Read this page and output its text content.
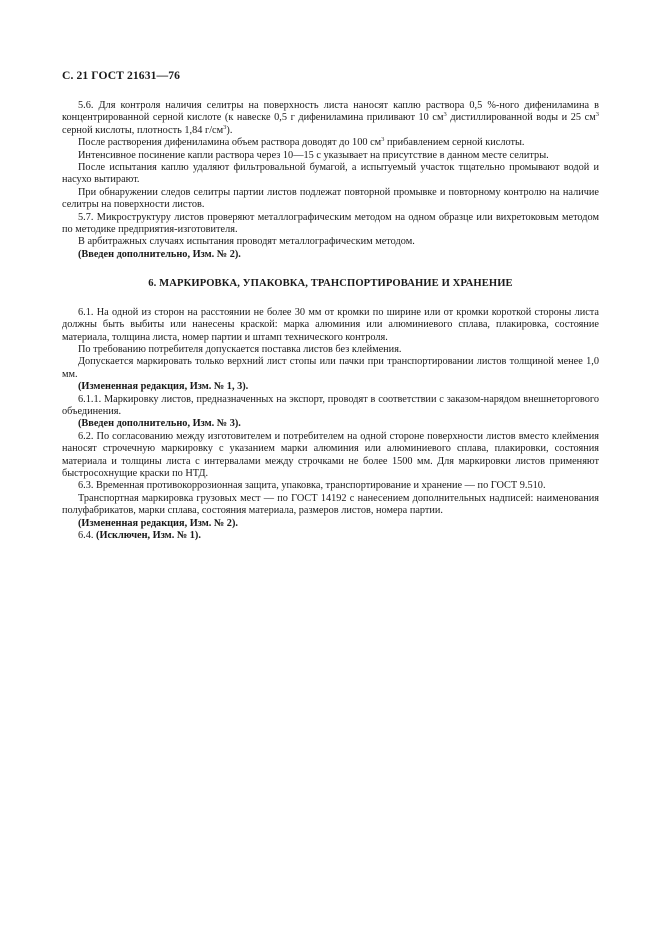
С. 21 ГОСТ 21631—76

5.6. Для контроля наличия селитры на поверхность листа наносят каплю раствора 0,5 %-ного дифениламина в концентрированной серной кислоте (к навеске 0,5 г дифениламина приливают 10 $см^3$ дистиллированной воды и 25 $см^3$ серной кислоты, плотность 1,84 $г/см^3$).

После растворения дифениламина объем раствора доводят до 100 $см^3$ прибавлением серной кислоты.

Интенсивное посинение капли раствора через 10—15 с указывает на присутствие в данном месте селитры.

После испытания каплю удаляют фильтровальной бумагой, а испытуемый участок тщательно промывают водой и насухо вытирают.

При обнаружении следов селитры партии листов подлежат повторной промывке и повторному контролю на наличие селитры на поверхности листов.

5.7. Микроструктуру листов проверяют металлографическим методом на одном образце или вихретоковым методом по методике предприятия-изготовителя.

В арбитражных случаях испытания проводят металлографическим методом.

(Введен дополнительно, Изм. № 2).

6. МАРКИРОВКА, УПАКОВКА, ТРАНСПОРТИРОВАНИЕ И ХРАНЕНИЕ

6.1. На одной из сторон на расстоянии не более 30 мм от кромки по ширине или от кромки короткой стороны листа должны быть выбиты или нанесены краской: марка алюминия или алюминиевого сплава, плакировка, состояние материала, толщина листа, номер партии и штамп технического контроля.

По требованию потребителя допускается поставка листов без клеймения.

Допускается маркировать только верхний лист стопы или пачки при транспортировании листов толщиной менее 1,0 мм.

(Измененная редакция, Изм. № 1, 3).

6.1.1. Маркировку листов, предназначенных на экспорт, проводят в соответствии с заказом-нарядом внешнеторгового объединения.

(Введен дополнительно, Изм. № 3).

6.2. По согласованию между изготовителем и потребителем на одной стороне поверхности листов вместо клеймения наносят строчечную маркировку с указанием марки алюминия или алюминиевого сплава, плакировки, состояния материала и толщины листа с интервалами между строчками не более 1500 мм. Для маркировки листов применяют быстросохнущие краски по НТД.

6.3. Временная противокоррозионная защита, упаковка, транспортирование и хранение — по ГОСТ 9.510.

Транспортная маркировка грузовых мест — по ГОСТ 14192 с нанесением дополнительных надписей: наименования полуфабрикатов, марки сплава, состояния материала, размеров листов, номера партии.

(Измененная редакция, Изм. № 2).

6.4. (Исключен, Изм. № 1).
